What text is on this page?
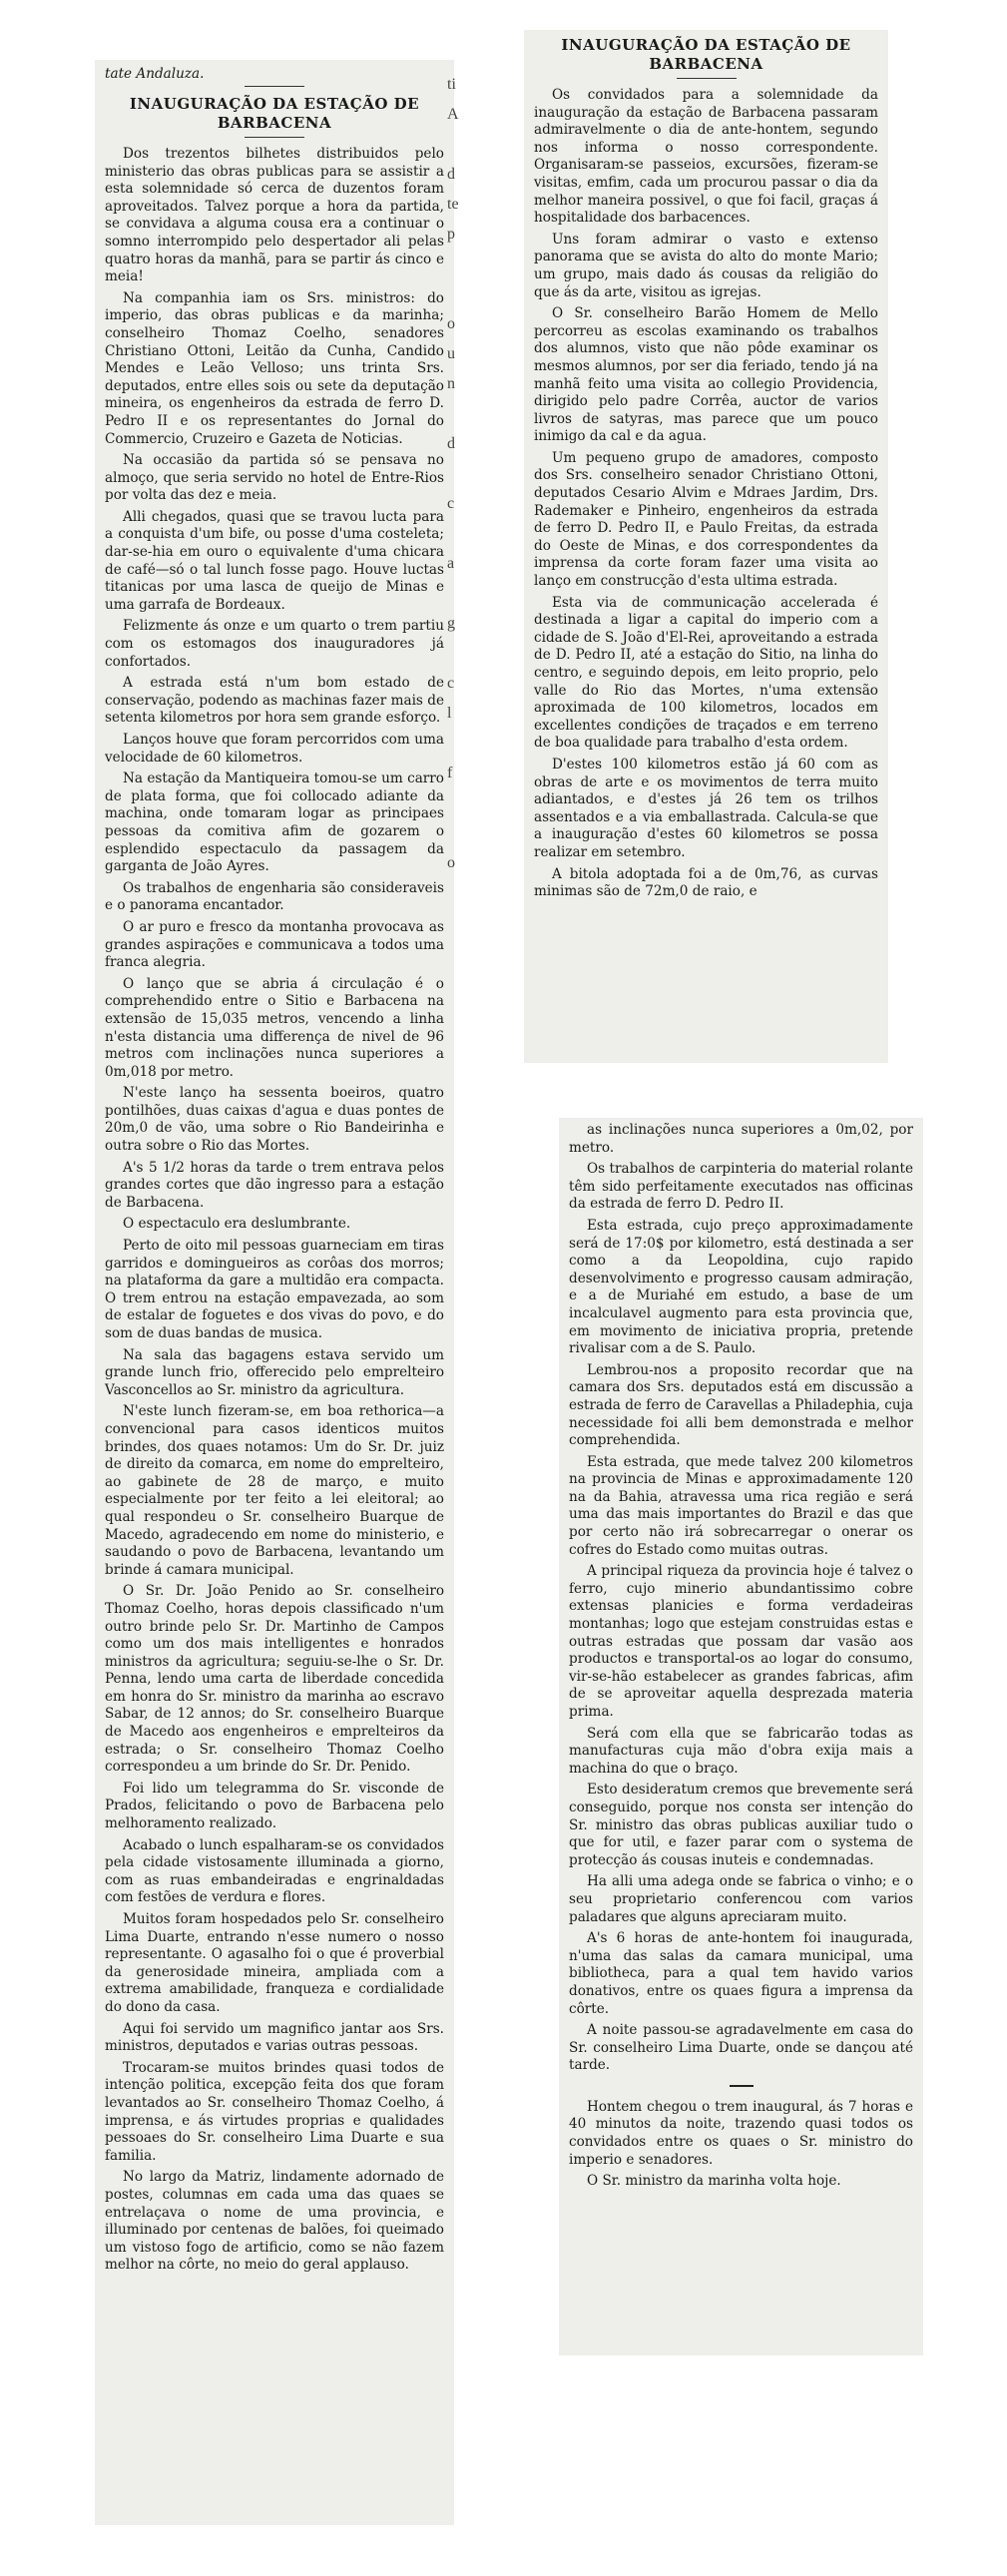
tate Andaluza.
INAUGURAÇÃO DA ESTAÇÃO DE BARBACENA

Dos trezentos bilhetes distribuidos pelo ministerio das obras publicas para se assistir a esta solemnidade só cerca de duzentos foram aproveitados. Talvez porque a hora da partida, se convidava a alguma cousa era a continuar o somno interrompido pelo despertador ali pelas quatro horas da manhã, para se partir ás cinco e meia!

Na companhia iam os Srs. ministros: do imperio, das obras publicas e da marinha; conselheiro Thomaz Coelho, senadores Christiano Ottoni, Leitão da Cunha, Candido Mendes e Leão Velloso; uns trinta Srs. deputados, entre elles sois ou sete da deputação mineira, os engenheiros da estrada de ferro D. Pedro II e os representantes do Jornal do Commercio, Cruzeiro e Gazeta de Noticias.

Na occasião da partida só se pensava no almoço, que seria servido no hotel de Entre-Rios por volta das dez e meia.

Alli chegados, quasi que se travou lucta para a conquista d'um bife, ou posse d'uma costeleta; dar-se-hia em ouro o equivalente d'uma chicara de café—só o tal lunch fosse pago. Houve luctas titanicas por uma lasca de queijo de Minas e uma garrafa de Bordeaux.

Felizmente ás onze e um quarto o trem partiu com os estomagos dos inauguradores já confortados.

A estrada está n'um bom estado de conservação, podendo as machinas fazer mais de setenta kilometros por hora sem grande esforço.

Lanços houve que foram percorridos com uma velocidade de 60 kilometros.

Na estação da Mantiqueira tomou-se um carro de plata forma, que foi collocado adiante da machina, onde tomaram logar as principaes pessoas da comitiva afim de gozarem o esplendido espectaculo da passagem da garganta de João Ayres.

Os trabalhos de engenharia são consideraveis e o panorama encantador.

O ar puro e fresco da montanha provocava as grandes aspirações e communicava a todos uma franca alegria.

O lanço que se abria á circulação é o comprehendido entre o Sitio e Barbacena na extensão de 15,035 metros, vencendo a linha n'esta distancia uma differença de nivel de 96 metros com inclinações nunca superiores a 0m,018 por metro.

N'este lanço ha sessenta boeiros, quatro pontilhões, duas caixas d'agua e duas pontes de 20m,0 de vão, uma sobre o Rio Bandeirinha e outra sobre o Rio das Mortes.

A's 5 1/2 horas da tarde o trem entrava pelos grandes cortes que dão ingresso para a estação de Barbacena.

O espectaculo era deslumbrante.

Perto de oito mil pessoas guarneciam em tiras garridos e domingueiros as corôas dos morros; na plataforma da gare a multidão era compacta. O trem entrou na estação empavezada, ao som de estalar de foguetes e dos vivas do povo, e do som de duas bandas de musica.

Na sala das bagagens estava servido um grande lunch frio, offerecido pelo emprelteiro Vasconcellos ao Sr. ministro da agricultura.

N'este lunch fizeram-se, em boa rethorica—a convencional para casos identicos muitos brindes, dos quaes notamos: Um do Sr. Dr. juiz de direito da comarca, em nome do emprelteiro, ao gabinete de 28 de março, e muito especialmente por ter feito a lei eleitoral; ao qual respondeu o Sr. conselheiro Buarque de Macedo, agradecendo em nome do ministerio, e saudando o povo de Barbacena, levantando um brinde á camara municipal.

O Sr. Dr. João Penido ao Sr. conselheiro Thomaz Coelho, horas depois classificado n'um outro brinde pelo Sr. Dr. Martinho de Campos como um dos mais intelligentes e honrados ministros da agricultura; seguiu-se-lhe o Sr. Dr. Penna, lendo uma carta de liberdade concedida em honra do Sr. ministro da marinha ao escravo Sabar, de 12 annos; do Sr. conselheiro Buarque de Macedo aos engenheiros e emprelteiros da estrada; o Sr. conselheiro Thomaz Coelho correspondeu a um brinde do Sr. Dr. Penido.

Foi lido um telegramma do Sr. visconde de Prados, felicitando o povo de Barbacena pelo melhoramento realizado.

Acabado o lunch espalharam-se os convidados pela cidade vistosamente illuminada a giorno, com as ruas embandeiradas e engrinaldadas com festões de verdura e flores.

Muitos foram hospedados pelo Sr. conselheiro Lima Duarte, entrando n'esse numero o nosso representante. O agasalho foi o que é proverbial da generosidade mineira, ampliada com a extrema amabilidade, franqueza e cordialidade do dono da casa.

Aqui foi servido um magnifico jantar aos Srs. ministros, deputados e varias outras pessoas.

Trocaram-se muitos brindes quasi todos de intenção politica, excepção feita dos que foram levantados ao Sr. conselheiro Thomaz Coelho, á imprensa, e ás virtudes proprias e qualidades pessoaes do Sr. conselheiro Lima Duarte e sua familia.

No largo da Matriz, lindamente adornado de postes, columnas em cada uma das quaes se entrelaçava o nome de uma provincia, e illuminado por centenas de balões, foi queimado um vistoso fogo de artificio, como se não fazem melhor na côrte, no meio do geral applauso.

ti
A

d
te
p

o
u
n

d

c

a

g

c
l

f

o
INAUGURAÇÃO DA ESTAÇÃO DE BARBACENA

Os convidados para a solemnidade da inauguração da estação de Barbacena passaram admiravelmente o dia de ante-hontem, segundo nos informa o nosso correspondente. Organisaram-se passeios, excursões, fizeram-se visitas, emfim, cada um procurou passar o dia da melhor maneira possivel, o que foi facil, graças á hospitalidade dos barbacences.

Uns foram admirar o vasto e extenso panorama que se avista do alto do monte Mario; um grupo, mais dado ás cousas da religião do que ás da arte, visitou as igrejas.

O Sr. conselheiro Barão Homem de Mello percorreu as escolas examinando os trabalhos dos alumnos, visto que não pôde examinar os mesmos alumnos, por ser dia feriado, tendo já na manhã feito uma visita ao collegio Providencia, dirigido pelo padre Corrêa, auctor de varios livros de satyras, mas parece que um pouco inimigo da cal e da agua.

Um pequeno grupo de amadores, composto dos Srs. conselheiro senador Christiano Ottoni, deputados Cesario Alvim e Mdraes Jardim, Drs. Rademaker e Pinheiro, engenheiros da estrada de ferro D. Pedro II, e Paulo Freitas, da estrada do Oeste de Minas, e dos correspondentes da imprensa da corte foram fazer uma visita ao lanço em construcção d'esta ultima estrada.

Esta via de communicação accelerada é destinada a ligar a capital do imperio com a cidade de S. João d'El-Rei, aproveitando a estrada de D. Pedro II, até a estação do Sitio, na linha do centro, e seguindo depois, em leito proprio, pelo valle do Rio das Mortes, n'uma extensão aproximada de 100 kilometros, locados em excellentes condições de traçados e em terreno de boa qualidade para trabalho d'esta ordem.

D'estes 100 kilometros estão já 60 com as obras de arte e os movimentos de terra muito adiantados, e d'estes já 26 tem os trilhos assentados e a via emballastrada. Calcula-se que a inauguração d'estes 60 kilometros se possa realizar em setembro.

A bitola adoptada foi a de 0m,76, as curvas minimas são de 72m,0 de raio, e

as inclinações nunca superiores a 0m,02, por metro.

Os trabalhos de carpinteria do material rolante têm sido perfeitamente executados nas officinas da estrada de ferro D. Pedro II.

Esta estrada, cujo preço approximadamente será de 17:0$ por kilometro, está destinada a ser como a da Leopoldina, cujo rapido desenvolvimento e progresso causam admiração, e a de Muriahé em estudo, a base de um incalculavel augmento para esta provincia que, em movimento de iniciativa propria, pretende rivalisar com a de S. Paulo.

Lembrou-nos a proposito recordar que na camara dos Srs. deputados está em discussão a estrada de ferro de Caravellas a Philadephia, cuja necessidade foi alli bem demonstrada e melhor comprehendida.

Esta estrada, que mede talvez 200 kilometros na provincia de Minas e approximadamente 120 na da Bahia, atravessa uma rica região e será uma das mais importantes do Brazil e das que por certo não irá sobrecarregar o onerar os cofres do Estado como muitas outras.

A principal riqueza da provincia hoje é talvez o ferro, cujo minerio abundantissimo cobre extensas planicies e forma verdadeiras montanhas; logo que estejam construidas estas e outras estradas que possam dar vasão aos productos e transportal-os ao logar do consumo, vir-se-hão estabelecer as grandes fabricas, afim de se aproveitar aquella desprezada materia prima.

Será com ella que se fabricarão todas as manufacturas cuja mão d'obra exija mais a machina do que o braço.

Esto desideratum cremos que brevemente será conseguido, porque nos consta ser intenção do Sr. ministro das obras publicas auxiliar tudo o que for util, e fazer parar com o systema de protecção ás cousas inuteis e condemnadas.

Ha alli uma adega onde se fabrica o vinho; e o seu proprietario conferencou com varios paladares que alguns apreciaram muito.

A's 6 horas de ante-hontem foi inaugurada, n'uma das salas da camara municipal, uma bibliotheca, para a qual tem havido varios donativos, entre os quaes figura a imprensa da côrte.

A noite passou-se agradavelmente em casa do Sr. conselheiro Lima Duarte, onde se dançou até tarde.

Hontem chegou o trem inaugural, ás 7 horas e 40 minutos da noite, trazendo quasi todos os convidados entre os quaes o Sr. ministro do imperio e senadores.

O Sr. ministro da marinha volta hoje.
